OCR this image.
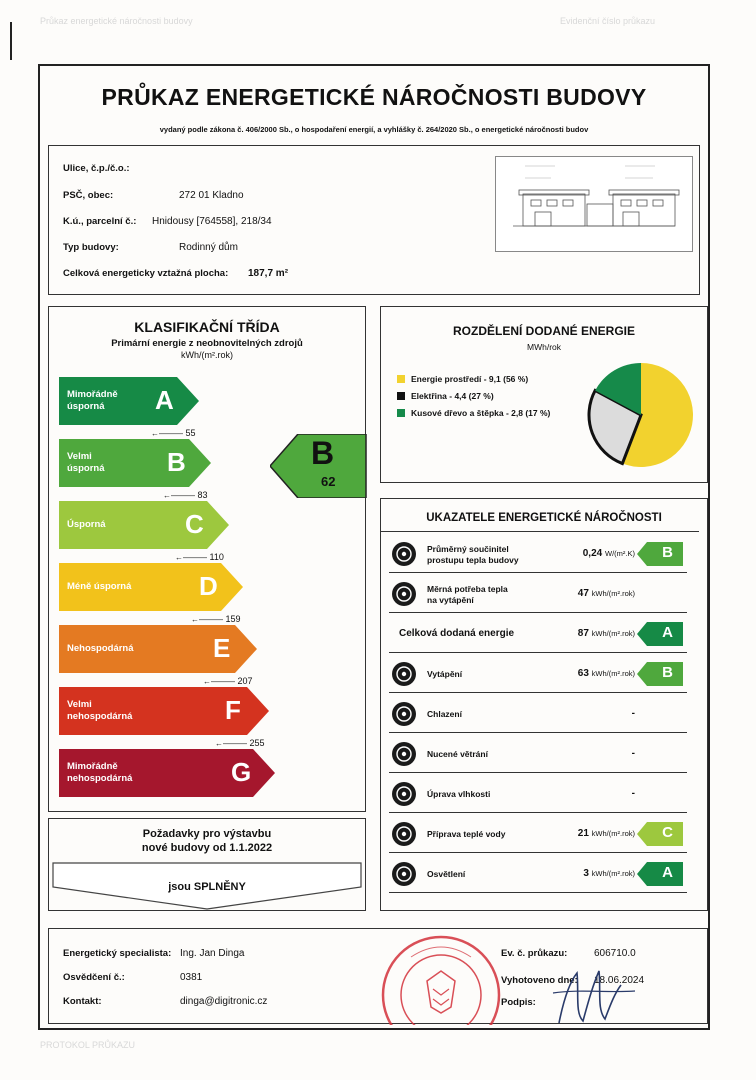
Průkaz energetické náročnosti budovy	Evidenční číslo průkazu
PRŮKAZ ENERGETICKÉ NÁROČNOSTI BUDOVY
vydaný podle zákona č. 406/2000 Sb., o hospodaření energií, a vyhlášky č. 264/2020 Sb., o energetické náročnosti budov
Ulice, č.p./č.o.:
PSČ, obec:	272 01 Kladno
K.ú., parcelní č.: Hnidousy [764558], 218/34
Typ budovy:	Rodinný dům
Celková energeticky vztažná plocha: 187,7 m²
KLASIFIKAČNÍ TŘÍDA
Primární energie z neobnovitelných zdrojů
kWh/(m².rok)
Mimořádně
úsporná	A
←——— 55
Velmi
úsporná B
←——— 83
Úsporná	C
←——— 110
Méně úsporná	D
←——— 159
Nehospodárná	E
←——— 207
Velmi
nehospodárná	F
←——— 255
Mimořádně
nehospodárná	G
B
62
Požadavky pro výstavbu
nové budovy od 1.1.2022
jsou SPLNĚNY
ROZDĚLENÍ DODANÉ ENERGIE
MWh/rok
Energie prostředí - 9,1 (56 %)
Elektřina - 4,4 (27 %)
Kusové dřevo a štěpka - 2,8 (17 %)
UKAZATELE ENERGETICKÉ NÁROČNOSTI
Průměrný součinitel
prostupu tepla budovy
0,24 W/(m².K) B
Měrná potřeba tepla
na vytápění
47 kWh/(m².rok)
Celková dodaná energie	87 kWh/(m².rok) A
Vytápění	63 kWh/(m².rok) B
Chlazení	-
Nucené větrání	-
Úprava vlhkosti	-
Příprava teplé vody	21 kWh/(m².rok) C
Osvětlení	3 kWh/(m².rok) A
Energetický specialista: Ing. Jan Dinga
Osvědčení č.:	0381
Kontakt:	dinga@digitronic.cz
Ev. č. průkazu:	606710.0
Vyhotoveno dne: 18.06.2024
Podpis:
PROTOKOL PRŮKAZU
